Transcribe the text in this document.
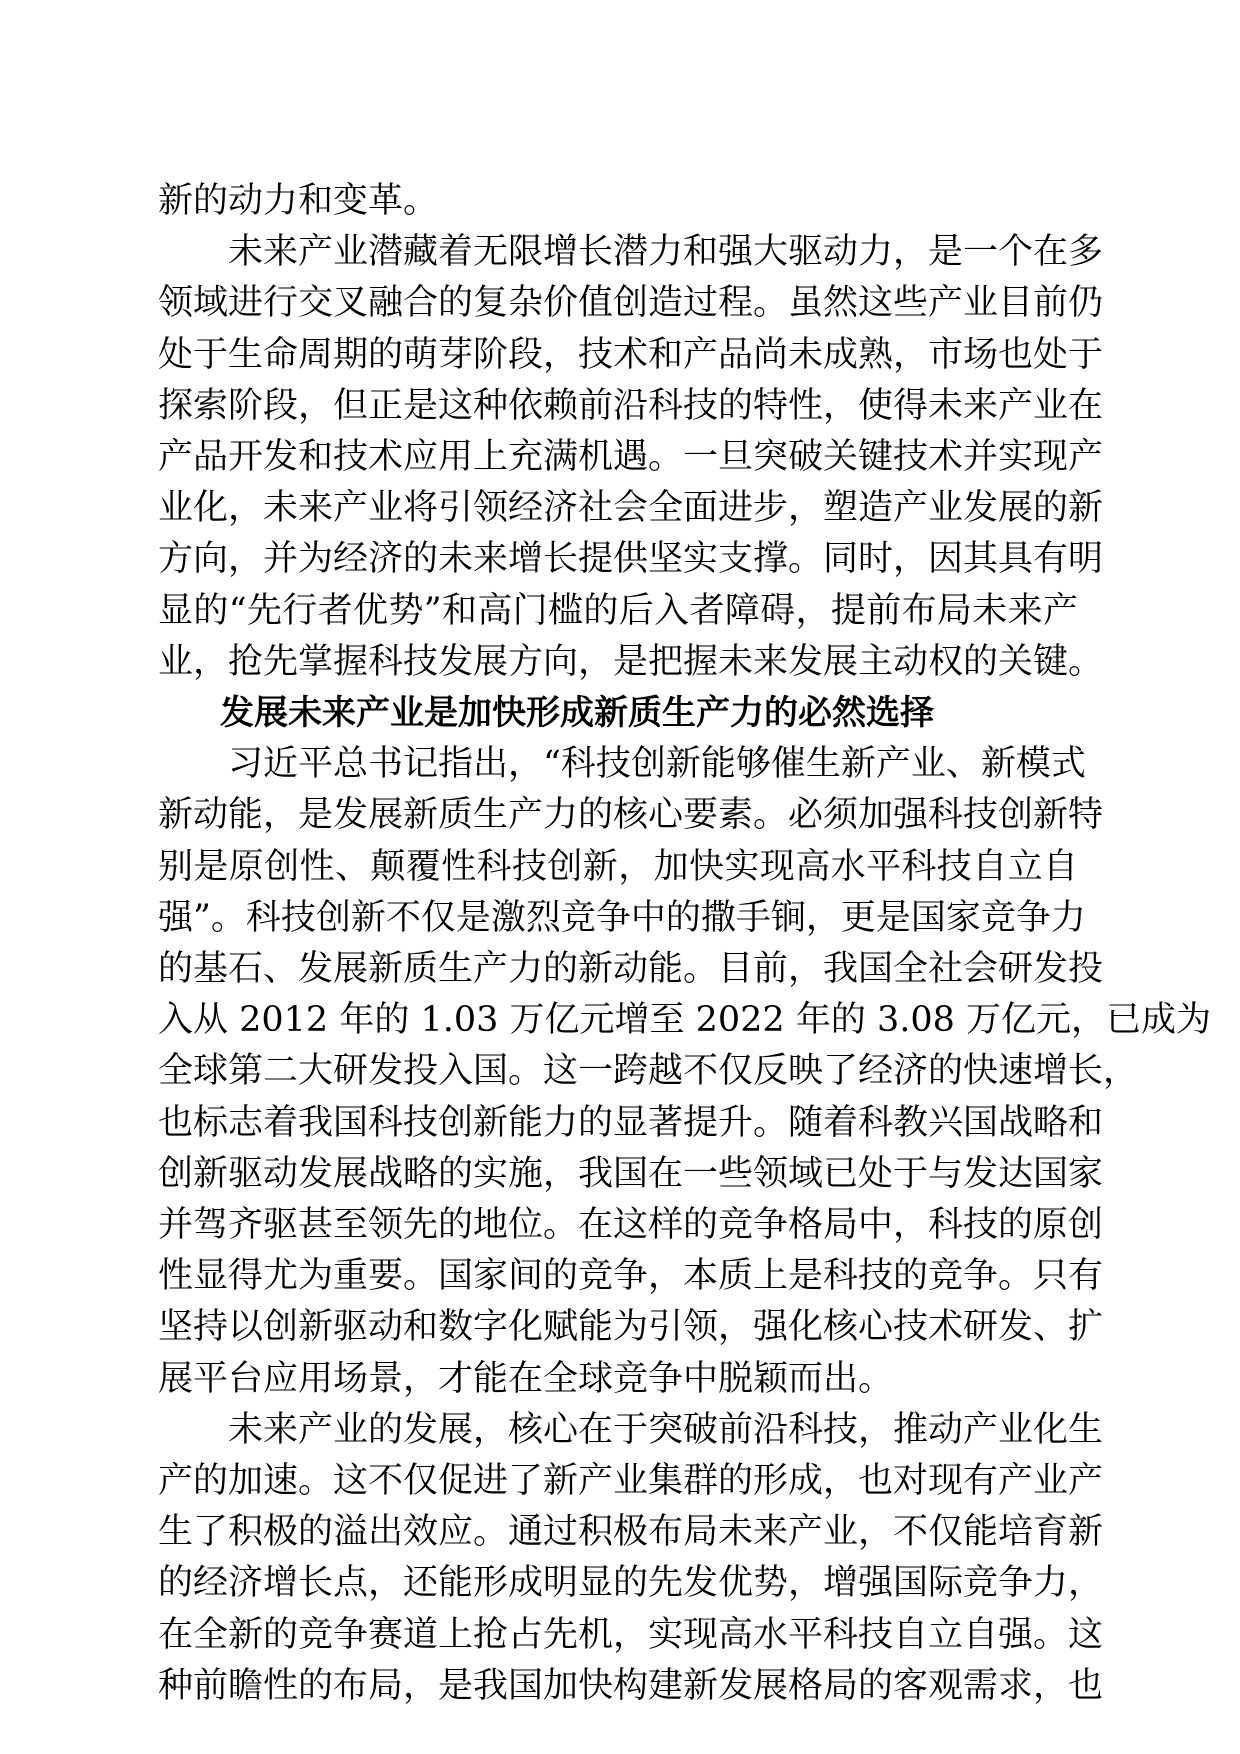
新的动力和变革。
未来产业潜藏着无限增长潜力和强大驱动力，是一个在多
领域进行交叉融合的复杂价值创造过程。虽然这些产业目前仍
处于生命周期的萌芽阶段，技术和产品尚未成熟，市场也处于
探索阶段，但正是这种依赖前沿科技的特性，使得未来产业在
产品开发和技术应用上充满机遇。一旦突破关键技术并实现产
业化，未来产业将引领经济社会全面进步，塑造产业发展的新
方向，并为经济的未来增长提供坚实支撑。同时，因其具有明
显的“先行者优势”和高门槛的后入者障碍，提前布局未来产
业，抢先掌握科技发展方向，是把握未来发展主动权的关键。
发展未来产业是加快形成新质生产力的必然选择
习近平总书记指出，“科技创新能够催生新产业、新模式
新动能，是发展新质生产力的核心要素。必须加强科技创新特
别是原创性、颠覆性科技创新，加快实现高水平科技自立自
强”。科技创新不仅是激烈竞争中的撒手锏，更是国家竞争力
的基石、发展新质生产力的新动能。目前，我国全社会研发投
入从 2012 年的 1.03 万亿元增至 2022 年的 3.08 万亿元，已成为
全球第二大研发投入国。这一跨越不仅反映了经济的快速增长，
也标志着我国科技创新能力的显著提升。随着科教兴国战略和
创新驱动发展战略的实施，我国在一些领域已处于与发达国家
并驾齐驱甚至领先的地位。在这样的竞争格局中，科技的原创
性显得尤为重要。国家间的竞争，本质上是科技的竞争。只有
坚持以创新驱动和数字化赋能为引领，强化核心技术研发、扩
展平台应用场景，才能在全球竞争中脱颖而出。
未来产业的发展，核心在于突破前沿科技，推动产业化生
产的加速。这不仅促进了新产业集群的形成，也对现有产业产
生了积极的溢出效应。通过积极布局未来产业，不仅能培育新
的经济增长点，还能形成明显的先发优势，增强国际竞争力，
在全新的竞争赛道上抢占先机，实现高水平科技自立自强。这
种前瞻性的布局，是我国加快构建新发展格局的客观需求，也
